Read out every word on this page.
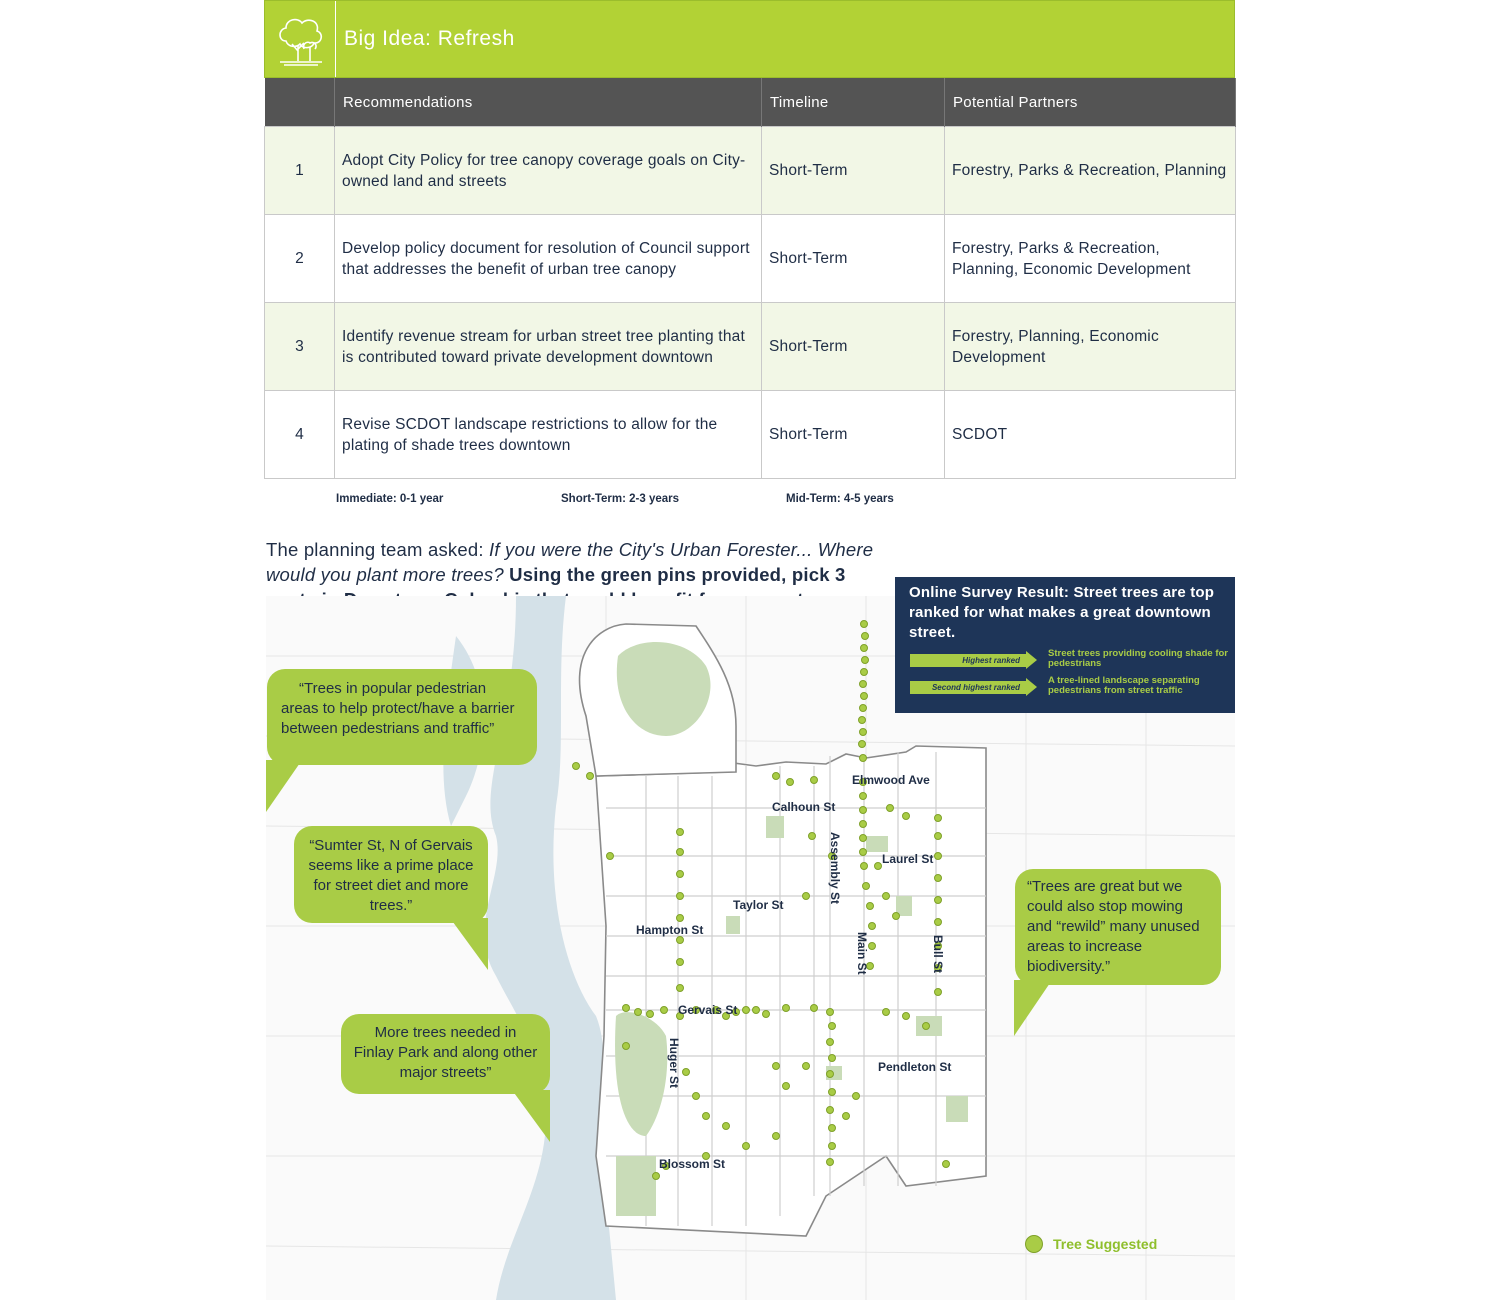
Big Idea: Refresh
	Recommendations	Timeline	Potential Partners
1	Adopt City Policy for tree canopy coverage goals on City-owned land and streets	Short-Term	Forestry, Parks & Recreation, Planning
2	Develop policy document for resolution of Council support that addresses the benefit of urban tree canopy	Short-Term	Forestry, Parks & Recreation, Planning, Economic Development
3	Identify revenue stream for urban street tree planting that is contributed toward private development downtown	Short-Term	Forestry, Planning, Economic Development
4	Revise SCDOT landscape restrictions to allow for the plating of shade trees downtown	Short-Term	SCDOT
Immediate: 0-1 year	Short-Term: 2-3 years	Mid-Term: 4-5 years
The planning team asked: If you were the City's Urban Forester... Where would you plant more trees? Using the green pins provided, pick 3
Elmwood Ave
Calhoun St
Laurel St
Taylor St
Hampton St
Gervais St
Pendleton St
Blossom St
Assembly St
Main St	Bull St
Huger St
“Trees in popular pedestrian areas to help protect/have a barrier between pedestrians and traffic”
“Sumter St, N of Gervais seems like a prime place for street diet and more trees.”
More trees needed in Finlay Park and along other major streets”
“Trees are great but we could also stop mowing and “rewild” many unused areas to increase biodiversity.”
Online Survey Result: Street trees are top ranked for what makes a great downtown street.
Highest ranked
Street trees providing cooling shade for pedestrians
Second highest ranked
A tree-lined landscape separating pedestrians from street traffic
Tree Suggested
